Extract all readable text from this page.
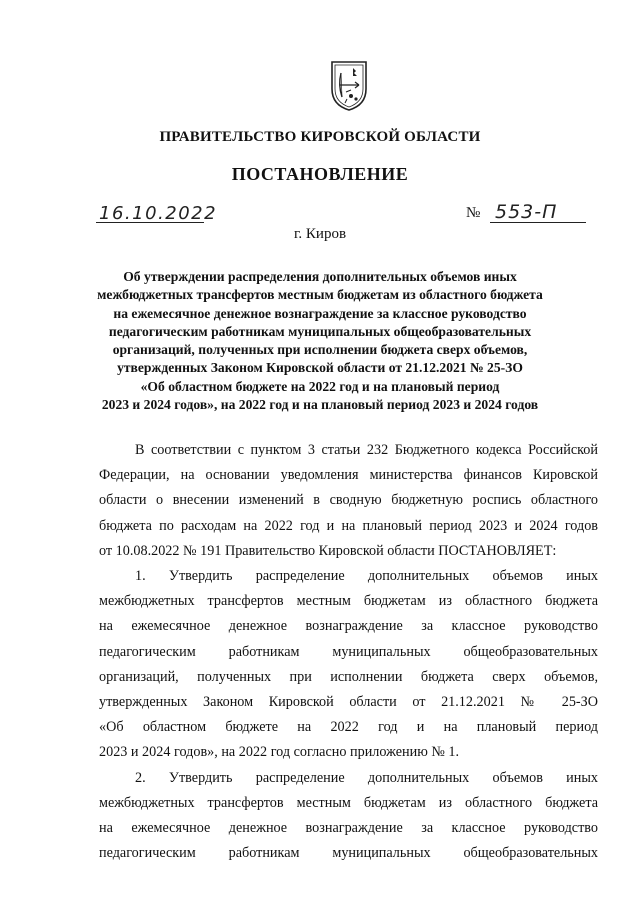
ПРАВИТЕЛЬСТВО КИРОВСКОЙ ОБЛАСТИ
ПОСТАНОВЛЕНИЕ
16.10.2022	№ 553-П
г. Киров
Об утверждении распределения дополнительных объемов иных
межбюджетных трансфертов местным бюджетам из областного бюджета
на ежемесячное денежное вознаграждение за классное руководство
педагогическим работникам муниципальных общеобразовательных
организаций, полученных при исполнении бюджета сверх объемов,
утвержденных Законом Кировской области от 21.12.2021 № 25-ЗО
«Об областном бюджете на 2022 год и на плановый период
2023 и 2024 годов», на 2022 год и на плановый период 2023 и 2024 годов
В соответствии с пунктом 3 статьи 232 Бюджетного кодекса Российской
Федерации, на основании уведомления министерства финансов Кировской
области о внесении изменений в сводную бюджетную роспись областного
бюджета по расходам на 2022 год и на плановый период 2023 и 2024 годов
от 10.08.2022 № 191 Правительство Кировской области ПОСТАНОВЛЯЕТ:
1. Утвердить распределение дополнительных объемов иных
межбюджетных трансфертов местным бюджетам из областного бюджета
на ежемесячное денежное вознаграждение за классное руководство
педагогическим работникам муниципальных общеобразовательных
организаций, полученных при исполнении бюджета сверх объемов,
утвержденных Законом Кировской области от 21.12.2021 № 25-ЗО
«Об областном бюджете на 2022 год и на плановый период
2023 и 2024 годов», на 2022 год согласно приложению № 1.
2. Утвердить распределение дополнительных объемов иных
межбюджетных трансфертов местным бюджетам из областного бюджета
на ежемесячное денежное вознаграждение за классное руководство
педагогическим работникам муниципальных общеобразовательных
